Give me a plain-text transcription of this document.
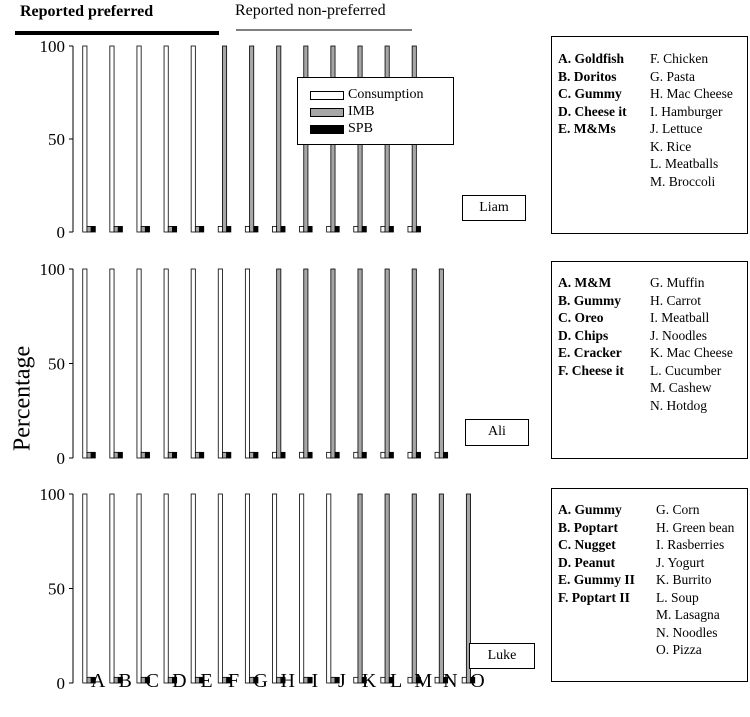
Reported preferred	Reported non-preferred
Percentage
0
50
100
0
50
100
0
50
100
Consumption
IMB
SPB
Liam
Ali
Luke
A. Goldfish
B. Doritos
C. Gummy
D. Cheese it
E. M&Ms
F. Chicken
G. Pasta
H. Mac Cheese
I. Hamburger
J. Lettuce
K. Rice
L. Meatballs
M. Broccoli
A. M&M
B. Gummy
C. Oreo
D. Chips
E. Cracker
F. Cheese it
G. Muffin
H. Carrot
I. Meatball
J. Noodles
K. Mac Cheese
L. Cucumber
M. Cashew
N. Hotdog
A. Gummy
B. Poptart
C. Nugget
D. Peanut
E. Gummy II
F. Poptart II
G. Corn
H. Green bean
I. Rasberries
J. Yogurt
K. Burrito
L. Soup
M. Lasagna
N. Noodles
O. Pizza
A B C D E F G H I J K L M N O
